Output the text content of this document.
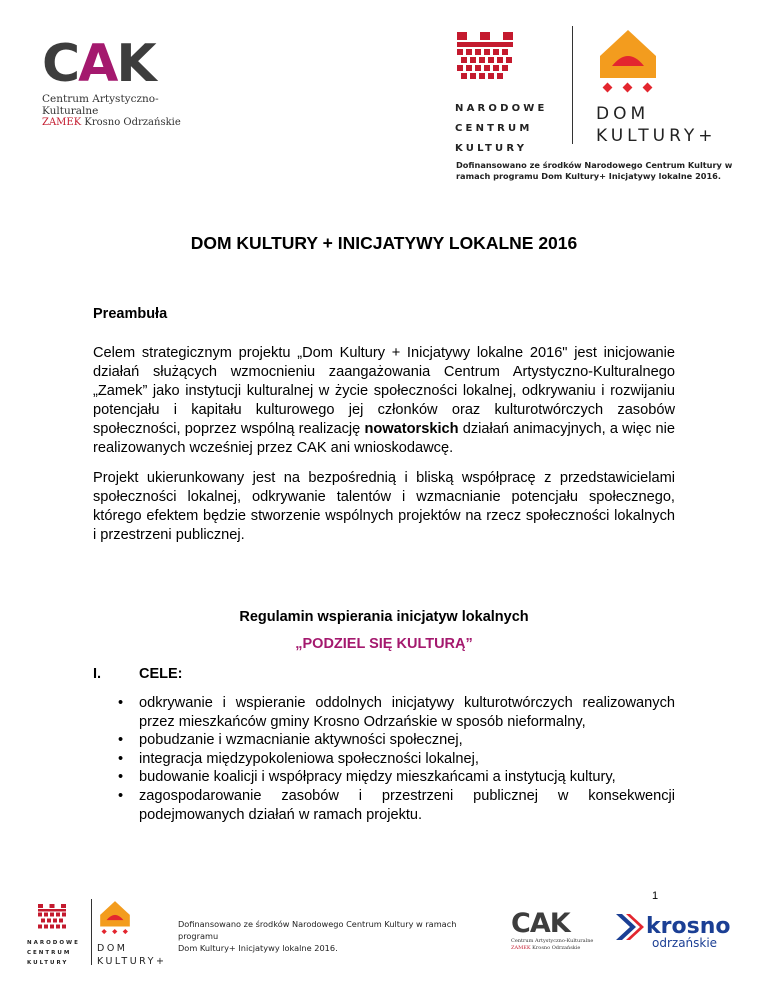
C A K
Centrum Artystyczno-Kulturalne
ZAMEK Krosno Odrzańskie
NARODOWE
CENTRUM
KULTURY
DOM
KULTURY+
Dofinansowano ze środków Narodowego Centrum Kultury w ramach programu Dom Kultury+ Inicjatywy lokalne 2016.
DOM KULTURY + INICJATYWY LOKALNE 2016
Preambuła
Celem strategicznym projektu „Dom Kultury + Inicjatywy lokalne 2016" jest inicjowanie działań służących wzmocnieniu zaangażowania Centrum Artystyczno-Kulturalnego „Zamek” jako instytucji kulturalnej w życie społeczności lokalnej, odkrywaniu i rozwijaniu potencjału i kapitału kulturowego jej członków oraz kulturotwórczych zasobów społeczności, poprzez wspólną realizację nowatorskich działań animacyjnych, a więc nie realizowanych wcześniej przez CAK ani wnioskodawcę.
Projekt ukierunkowany jest na bezpośrednią i bliską współpracę z przedstawicielami społeczności lokalnej, odkrywanie talentów i wzmacnianie potencjału społecznego, którego efektem będzie stworzenie wspólnych projektów na rzecz społeczności lokalnych i przestrzeni publicznej.
Regulamin wspierania inicjatyw lokalnych
„PODZIEL SIĘ KULTURĄ”
I.	CELE:
• odkrywanie i wspieranie oddolnych inicjatywy kulturotwórczych realizowanych przez mieszkańców gminy Krosno Odrzańskie w sposób nieformalny,
• pobudzanie i wzmacnianie aktywności społecznej,
• integracja międzypokoleniowa społeczności lokalnej,
• budowanie koalicji i współpracy między mieszkańcami a instytucją kultury,
• zagospodarowanie zasobów i przestrzeni publicznej w konsekwencji podejmowanych działań w ramach projektu.
1
NARODOWE
CENTRUM
KULTURY
DOM
KULTURY+
Dofinansowano ze środków Narodowego Centrum Kultury w ramach programu
Dom Kultury+ Inicjatywy lokalne 2016.
CAK
Centrum Artystyczno-Kulturalne
ZAMEK Krosno Odrzańskie
krosno
odrzańskie
